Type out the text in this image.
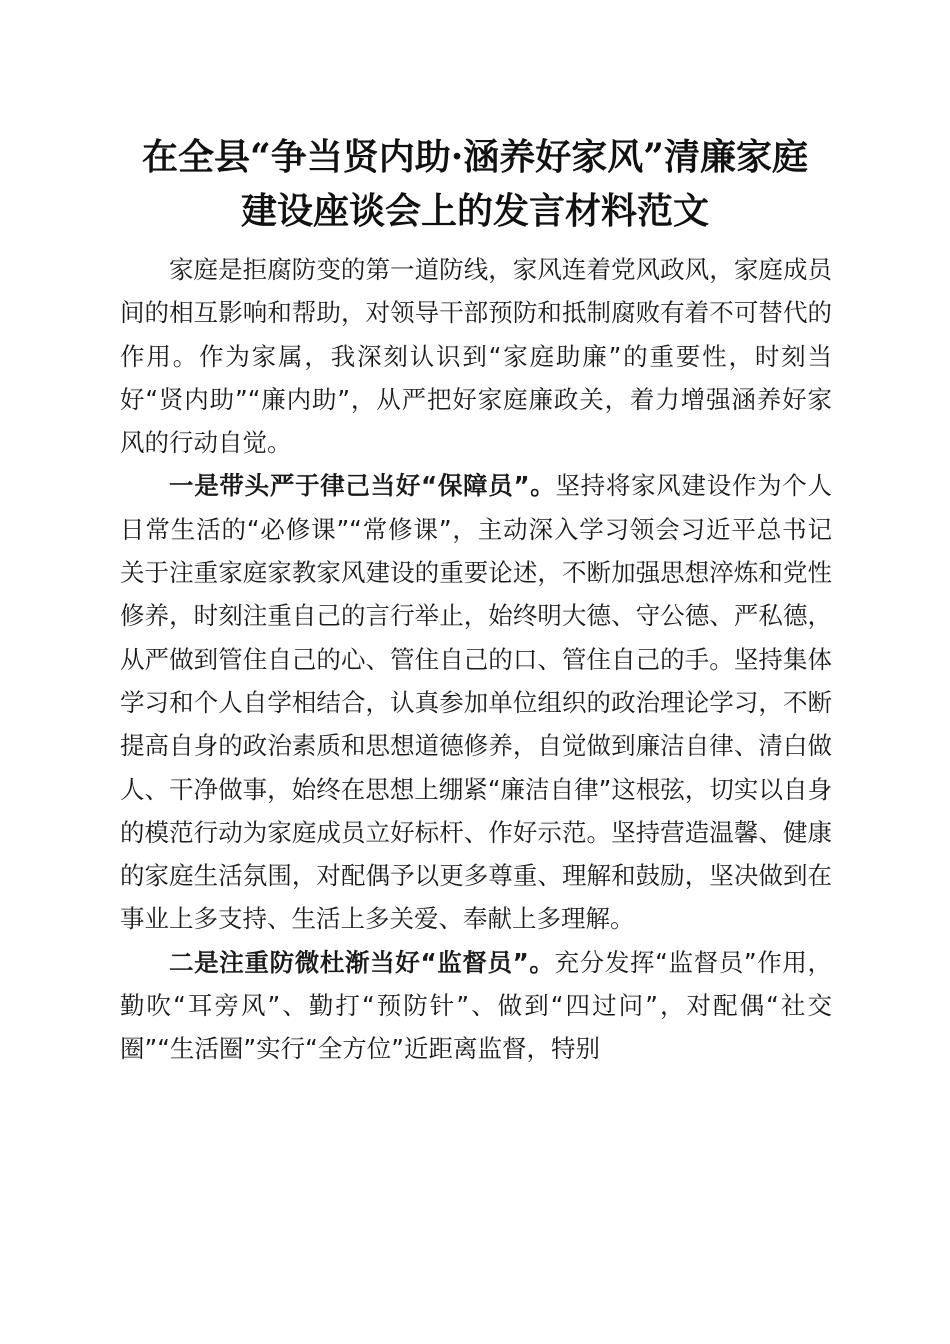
在全县“争当贤内助·涵养好家风”清廉家庭
建设座谈会上的发言材料范文

家庭是拒腐防变的第一道防线，家风连着党风政风，家庭成员间的相互影响和帮助，对领导干部预防和抵制腐败有着不可替代的作用。作为家属，我深刻认识到“家庭助廉”的重要性，时刻当好“贤内助”“廉内助”，从严把好家庭廉政关，着力增强涵养好家风的行动自觉。

一是带头严于律己当好“保障员”。坚持将家风建设作为个人日常生活的“必修课”“常修课”，主动深入学习领会习近平总书记关于注重家庭家教家风建设的重要论述，不断加强思想淬炼和党性修养，时刻注重自己的言行举止，始终明大德、守公德、严私德，从严做到管住自己的心、管住自己的口、管住自己的手。坚持集体学习和个人自学相结合，认真参加单位组织的政治理论学习，不断提高自身的政治素质和思想道德修养，自觉做到廉洁自律、清白做人、干净做事，始终在思想上绷紧“廉洁自律”这根弦，切实以自身的模范行动为家庭成员立好标杆、作好示范。坚持营造温馨、健康的家庭生活氛围，对配偶予以更多尊重、理解和鼓励，坚决做到在事业上多支持、生活上多关爱、奉献上多理解。

二是注重防微杜渐当好“监督员”。充分发挥“监督员”作用，勤吹“耳旁风”、勤打“预防针”、做到“四过问”，对配偶“社交圈”“生活圈”实行“全方位”近距离监督，特别
